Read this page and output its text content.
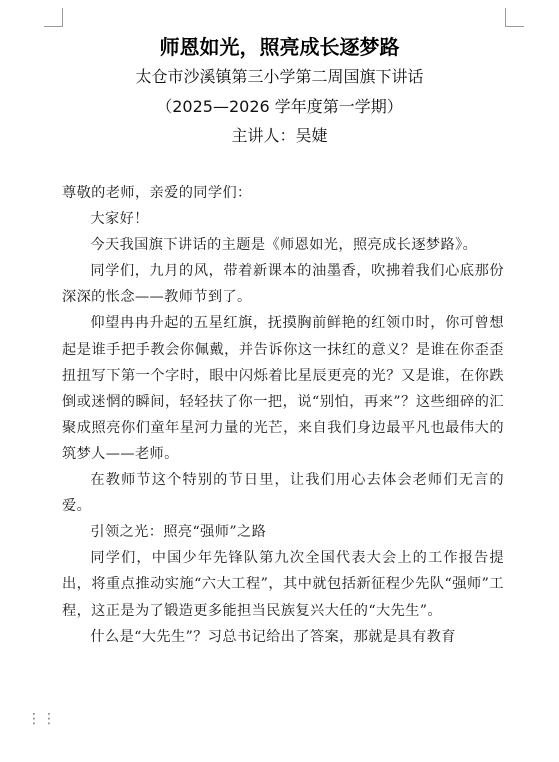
师恩如光，照亮成长逐梦路
太仓市沙溪镇第三小学第二周国旗下讲话
（2025—2026 学年度第一学期）
主讲人：吴婕

尊敬的老师，亲爱的同学们：

大家好！

今天我国旗下讲话的主题是《师恩如光，照亮成长逐梦路》。

同学们，九月的风，带着新课本的油墨香，吹拂着我们心底那份深深的怅念——教师节到了。

仰望冉冉升起的五星红旗，抚摸胸前鲜艳的红领巾时，你可曾想起是谁手把手教会你佩戴，并告诉你这一抹红的意义？是谁在你歪歪扭扭写下第一个字时，眼中闪烁着比星辰更亮的光？又是谁，在你跌倒或迷惘的瞬间，轻轻扶了你一把，说“别怕，再来”？这些细碎的汇聚成照亮你们童年星河力量的光芒，来自我们身边最平凡也最伟大的筑梦人——老师。

在教师节这个特别的节日里，让我们用心去体会老师们无言的爱。

引领之光：照亮“强师”之路

同学们，中国少年先锋队第九次全国代表大会上的工作报告提出，将重点推动实施“六大工程”，其中就包括新征程少先队“强师”工程，这正是为了锻造更多能担当民族复兴大任的“大先生”。

什么是“大先生”？习总书记给出了答案，那就是具有教育

⋮⋮
